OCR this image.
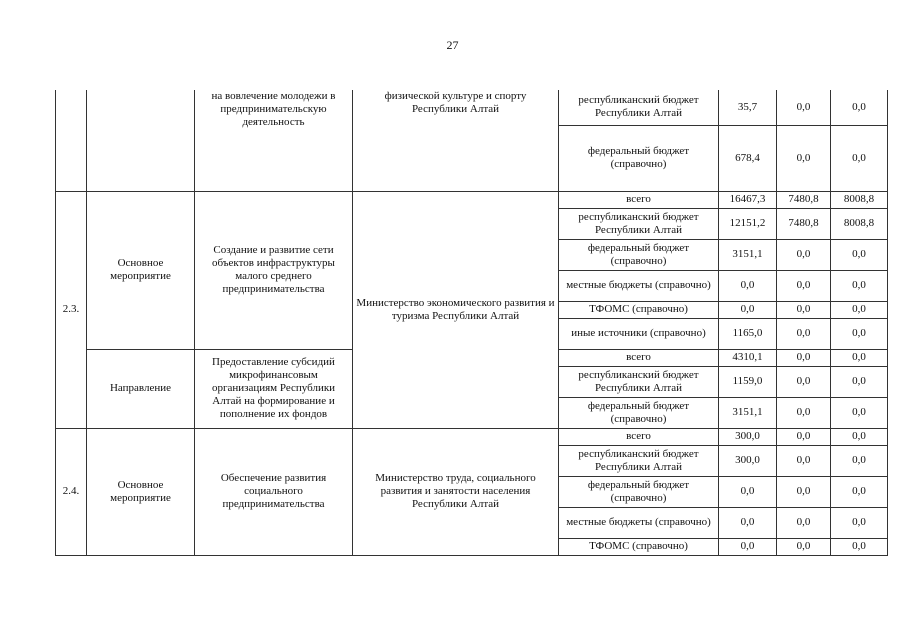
27
		на вовлечение молодежи в предпринимательскую деятельность	физической культуре и спорту Республики Алтай	республиканский бюджет Республики Алтай	35,7	0,0	0,0
				федеральный бюджет (справочно)	678,4	0,0	0,0
2.3.	Основное мероприятие	Создание и развитие сети объектов инфраструктуры малого среднего предпринимательства	Министерство экономического развития и туризма Республики Алтай	всего	16467,3	7480,8	8008,8
				республиканский бюджет Республики Алтай	12151,2	7480,8	8008,8
				федеральный бюджет (справочно)	3151,1	0,0	0,0
				местные бюджеты (справочно)	0,0	0,0	0,0
				ТФОМС (справочно)	0,0	0,0	0,0
				иные источники (справочно)	1165,0	0,0	0,0
	Направление	Предоставление субсидий микрофинансовым организациям Республики Алтай на формирование и пополнение их фондов		всего	4310,1	0,0	0,0
				республиканский бюджет Республики Алтай	1159,0	0,0	0,0
				федеральный бюджет (справочно)	3151,1	0,0	0,0
2.4.	Основное мероприятие	Обеспечение развития социального предпринимательства	Министерство труда, социального развития и занятости населения Республики Алтай	всего	300,0	0,0	0,0
				республиканский бюджет Республики Алтай	300,0	0,0	0,0
				федеральный бюджет (справочно)	0,0	0,0	0,0
				местные бюджеты (справочно)	0,0	0,0	0,0
				ТФОМС (справочно)	0,0	0,0	0,0
